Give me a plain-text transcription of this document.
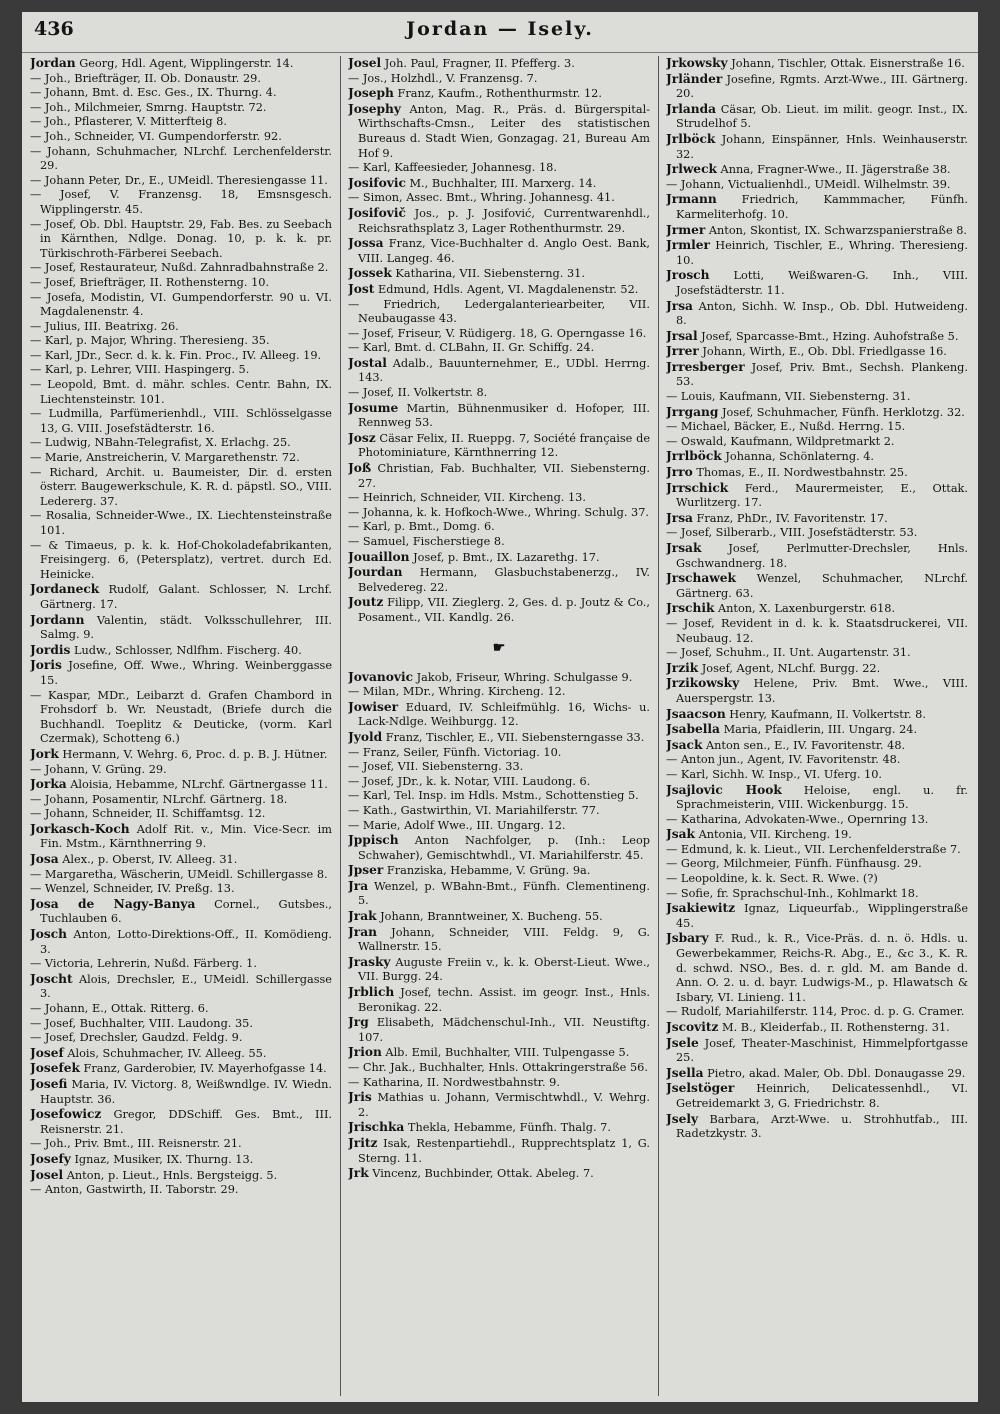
436	Jordan — Isely.

Jordan Georg, Hdl. Agent, Wipplingerstr. 14.

— Joh., Briefträger, II. Ob. Donaustr. 29.

— Johann, Bmt. d. Esc. Ges., IX. Thurng. 4.

— Joh., Milchmeier, Smrng. Hauptstr. 72.

— Joh., Pflasterer, V. Mitterfteig 8.

— Joh., Schneider, VI. Gumpendorferstr. 92.

— Johann, Schuhmacher, NLrchf. Lerchenfelderstr. 29.

— Johann Peter, Dr., E., UMeidl. Theresiengasse 11.

— Josef, V. Franzensg. 18, Emsnsgesch. Wipplingerstr. 45.

— Josef, Ob. Dbl. Hauptstr. 29, Fab. Bes. zu Seebach in Kärnthen, Ndlge. Donag. 10, p. k. k. pr. Türkischroth-Färberei Seebach.

— Josef, Restaurateur, Nußd. Zahnradbahnstraße 2.

— Josef, Briefträger, II. Rothensterng. 10.

— Josefa, Modistin, VI. Gumpendorferstr. 90 u. VI. Magdalenenstr. 4.

— Julius, III. Beatrixg. 26.

— Karl, p. Major, Whring. Theresieng. 35.

— Karl, JDr., Secr. d. k. k. Fin. Proc., IV. Alleeg. 19.

— Karl, p. Lehrer, VIII. Haspingerg. 5.

— Leopold, Bmt. d. mähr. schles. Centr. Bahn, IX. Liechtensteinstr. 101.

— Ludmilla, Parfümerienhdl., VIII. Schlösselgasse 13, G. VIII. Josefstädterstr. 16.

— Ludwig, NBahn-Telegrafist, X. Erlachg. 25.

— Marie, Anstreicherin, V. Margarethenstr. 72.

— Richard, Archit. u. Baumeister, Dir. d. ersten österr. Baugewerkschule, K. R. d. päpstl. SO., VIII. Ledererg. 37.

— Rosalia, Schneider-Wwe., IX. Liechtensteinstraße 101.

— & Timaeus, p. k. k. Hof-Chokoladefabrikanten, Freisingerg. 6, (Petersplatz), vertret. durch Ed. Heinicke.

Jordaneck Rudolf, Galant. Schlosser, N. Lrchf. Gärtnerg. 17.

Jordann Valentin, städt. Volksschullehrer, III. Salmg. 9.

Jordis Ludw., Schlosser, Ndlfhm. Fischerg. 40.

Joris Josefine, Off. Wwe., Whring. Weinberggasse 15.

— Kaspar, MDr., Leibarzt d. Grafen Chambord in Frohsdorf b. Wr. Neustadt, (Briefe durch die Buchhandl. Toeplitz & Deuticke, (vorm. Karl Czermak), Schotteng 6.)

Jork Hermann, V. Wehrg. 6, Proc. d. p. B. J. Hütner.

— Johann, V. Grüng. 29.

Jorka Aloisia, Hebamme, NLrchf. Gärtnergasse 11.

— Johann, Posamentir, NLrchf. Gärtnerg. 18.

— Johann, Schneider, II. Schiffamtsg. 12.

Jorkasch-Koch Adolf Rit. v., Min. Vice-Secr. im Fin. Mstm., Kärnthnerring 9.

Josa Alex., p. Oberst, IV. Alleeg. 31.

— Margaretha, Wäscherin, UMeidl. Schillergasse 8.

— Wenzel, Schneider, IV. Preßg. 13.

Josa de Nagy-Banya Cornel., Gutsbes., Tuchlauben 6.

Josch Anton, Lotto-Direktions-Off., II. Komödieng. 3.

— Victoria, Lehrerin, Nußd. Färberg. 1.

Joscht Alois, Drechsler, E., UMeidl. Schillergasse 3.

— Johann, E., Ottak. Ritterg. 6.

— Josef, Buchhalter, VIII. Laudong. 35.

— Josef, Drechsler, Gaudzd. Feldg. 9.

Josef Alois, Schuhmacher, IV. Alleeg. 55.

Josefek Franz, Garderobier, IV. Mayerhofgasse 14.

Josefi Maria, IV. Victorg. 8, Weißwndlge. IV. Wiedn. Hauptstr. 36.

Josefowicz Gregor, DDSchiff. Ges. Bmt., III. Reisnerstr. 21.

— Joh., Priv. Bmt., III. Reisnerstr. 21.

Josefy Ignaz, Musiker, IX. Thurng. 13.

Josel Anton, p. Lieut., Hnls. Bergsteigg. 5.

— Anton, Gastwirth, II. Taborstr. 29.

Josel Joh. Paul, Fragner, II. Pfefferg. 3.

— Jos., Holzhdl., V. Franzensg. 7.

Joseph Franz, Kaufm., Rothenthurmstr. 12.

Josephy Anton, Mag. R., Präs. d. Bürgerspital-Wirthschafts-Cmsn., Leiter des statistischen Bureaus d. Stadt Wien, Gonzagag. 21, Bureau Am Hof 9.

— Karl, Kaffeesieder, Johannesg. 18.

Josifovic M., Buchhalter, III. Marxerg. 14.

— Simon, Assec. Bmt., Whring. Johannesg. 41.

Josifovič Jos., p. J. Josifović, Currentwarenhdl., Reichsrathsplatz 3, Lager Rothenthurmstr. 29.

Jossa Franz, Vice-Buchhalter d. Anglo Oest. Bank, VIII. Langeg. 46.

Jossek Katharina, VII. Siebensterng. 31.

Jost Edmund, Hdls. Agent, VI. Magdalenenstr. 52.

— Friedrich, Ledergalanteriearbeiter, VII. Neubaugasse 43.

— Josef, Friseur, V. Rüdigerg. 18, G. Operngasse 16.

— Karl, Bmt. d. CLBahn, II. Gr. Schiffg. 24.

Jostal Adalb., Bauunternehmer, E., UDbl. Herrng. 143.

— Josef, II. Volkertstr. 8.

Josume Martin, Bühnenmusiker d. Hofoper, III. Rennweg 53.

Josz Cäsar Felix, II. Rueppg. 7, Société française de Photominiature, Kärnthnerring 12.

Joß Christian, Fab. Buchhalter, VII. Siebensterng. 27.

— Heinrich, Schneider, VII. Kircheng. 13.

— Johanna, k. k. Hofkoch-Wwe., Whring. Schulg. 37.

— Karl, p. Bmt., Domg. 6.

— Samuel, Fischerstiege 8.

Jouaillon Josef, p. Bmt., IX. Lazarethg. 17.

Jourdan Hermann, Glasbuchstabenerzg., IV. Belvedereg. 22.

Joutz Filipp, VII. Zieglerg. 2, Ges. d. p. Joutz & Co., Posament., VII. Kandlg. 26.

☛

Jovanovic Jakob, Friseur, Whring. Schulgasse 9.

— Milan, MDr., Whring. Kircheng. 12.

Jowiser Eduard, IV. Schleifmühlg. 16, Wichs- u. Lack-Ndlge. Weihburgg. 12.

Jyold Franz, Tischler, E., VII. Siebensterngasse 33.

— Franz, Seiler, Fünfh. Victoriag. 10.

— Josef, VII. Siebensterng. 33.

— Josef, JDr., k. k. Notar, VIII. Laudong. 6.

— Karl, Tel. Insp. im Hdls. Mstm., Schottenstieg 5.

— Kath., Gastwirthin, VI. Mariahilferstr. 77.

— Marie, Adolf Wwe., III. Ungarg. 12.

Jppisch Anton Nachfolger, p. (Inh.: Leop Schwaher), Gemischtwhdl., VI. Mariahilferstr. 45.

Jpser Franziska, Hebamme, V. Grüng. 9a.

Jra Wenzel, p. WBahn-Bmt., Fünfh. Clementineng. 5.

Jrak Johann, Branntweiner, X. Bucheng. 55.

Jran Johann, Schneider, VIII. Feldg. 9, G. Wallnerstr. 15.

Jrasky Auguste Freiin v., k. k. Oberst-Lieut. Wwe., VII. Burgg. 24.

Jrblich Josef, techn. Assist. im geogr. Inst., Hnls. Beronikag. 22.

Jrg Elisabeth, Mädchenschul-Inh., VII. Neustiftg. 107.

Jrion Alb. Emil, Buchhalter, VIII. Tulpengasse 5.

— Chr. Jak., Buchhalter, Hnls. Ottakringerstraße 56.

— Katharina, II. Nordwestbahnstr. 9.

Jris Mathias u. Johann, Vermischtwhdl., V. Wehrg. 2.

Jrischka Thekla, Hebamme, Fünfh. Thalg. 7.

Jritz Isak, Restenpartiehdl., Rupprechtsplatz 1, G. Sterng. 11.

Jrk Vincenz, Buchbinder, Ottak. Abeleg. 7.

Jrkowsky Johann, Tischler, Ottak. Eisnerstraße 16.

Jrländer Josefine, Rgmts. Arzt-Wwe., III. Gärtnerg. 20.

Jrlanda Cäsar, Ob. Lieut. im milit. geogr. Inst., IX. Strudelhof 5.

Jrlböck Johann, Einspänner, Hnls. Weinhauserstr. 32.

Jrlweck Anna, Fragner-Wwe., II. Jägerstraße 38.

— Johann, Victualienhdl., UMeidl. Wilhelmstr. 39.

Jrmann Friedrich, Kammmacher, Fünfh. Karmeliterhofg. 10.

Jrmer Anton, Skontist, IX. Schwarzspanierstraße 8.

Jrmler Heinrich, Tischler, E., Whring. Theresieng. 10.

Jrosch Lotti, Weißwaren-G. Inh., VIII. Josefstädterstr. 11.

Jrsa Anton, Sichh. W. Insp., Ob. Dbl. Hutweideng. 8.

Jrsal Josef, Sparcasse-Bmt., Hzing. Auhofstraße 5.

Jrrer Johann, Wirth, E., Ob. Dbl. Friedlgasse 16.

Jrresberger Josef, Priv. Bmt., Sechsh. Plankeng. 53.

— Louis, Kaufmann, VII. Siebensterng. 31.

Jrrgang Josef, Schuhmacher, Fünfh. Herklotzg. 32.

— Michael, Bäcker, E., Nußd. Herrng. 15.

— Oswald, Kaufmann, Wildpretmarkt 2.

Jrrlböck Johanna, Schönlaterng. 4.

Jrro Thomas, E., II. Nordwestbahnstr. 25.

Jrrschick Ferd., Maurermeister, E., Ottak. Wurlitzerg. 17.

Jrsa Franz, PhDr., IV. Favoritenstr. 17.

— Josef, Silberarb., VIII. Josefstädterstr. 53.

Jrsak Josef, Perlmutter-Drechsler, Hnls. Gschwandnerg. 18.

Jrschawek Wenzel, Schuhmacher, NLrchf. Gärtnerg. 63.

Jrschik Anton, X. Laxenburgerstr. 618.

— Josef, Revident in d. k. k. Staatsdruckerei, VII. Neubaug. 12.

— Josef, Schuhm., II. Unt. Augartenstr. 31.

Jrzik Josef, Agent, NLchf. Burgg. 22.

Jrzikowsky Helene, Priv. Bmt. Wwe., VIII. Auerspergstr. 13.

Jsaacson Henry, Kaufmann, II. Volkertstr. 8.

Jsabella Maria, Pfaidlerin, III. Ungarg. 24.

Jsack Anton sen., E., IV. Favoritenstr. 48.

— Anton jun., Agent, IV. Favoritenstr. 48.

— Karl, Sichh. W. Insp., VI. Uferg. 10.

Jsajlovic Hook Heloise, engl. u. fr. Sprachmeisterin, VIII. Wickenburgg. 15.

— Katharina, Advokaten-Wwe., Opernring 13.

Jsak Antonia, VII. Kircheng. 19.

— Edmund, k. k. Lieut., VII. Lerchenfelderstraße 7.

— Georg, Milchmeier, Fünfh. Fünfhausg. 29.

— Leopoldine, k. k. Sect. R. Wwe. (?)

— Sofie, fr. Sprachschul-Inh., Kohlmarkt 18.

Jsakiewitz Ignaz, Liqueurfab., Wipplingerstraße 45.

Jsbary F. Rud., k. R., Vice-Präs. d. n. ö. Hdls. u. Gewerbekammer, Reichs-R. Abg., E., &c 3., K. R. d. schwd. NSO., Bes. d. r. gld. M. am Bande d. Ann. O. 2. u. d. bayr. Ludwigs-M., p. Hlawatsch & Isbary, VI. Linieng. 11.

— Rudolf, Mariahilferstr. 114, Proc. d. p. G. Cramer.

Jscovitz M. B., Kleiderfab., II. Rothensterng. 31.

Jsele Josef, Theater-Maschinist, Himmelpfortgasse 25.

Jsella Pietro, akad. Maler, Ob. Dbl. Donaugasse 29.

Jselstöger Heinrich, Delicatessenhdl., VI. Getreidemarkt 3, G. Friedrichstr. 8.

Jsely Barbara, Arzt-Wwe. u. Strohhutfab., III. Radetzkystr. 3.
